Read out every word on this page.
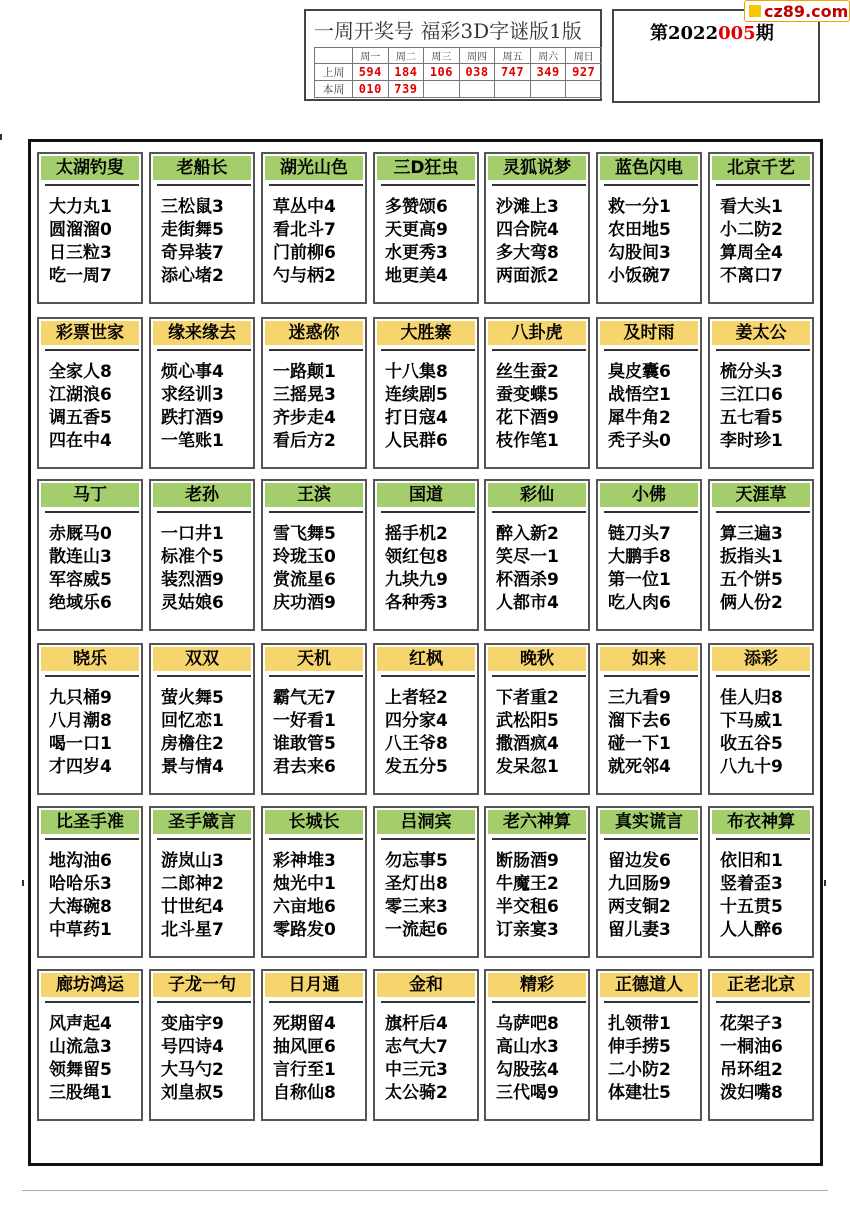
一周开奖号 福彩3D字谜版1版
	周一	周二	周三	周四	周五	周六	周日
上周	594	184	106	038	747	349	927
本周	010	739					
第2022005期
cz89.com
太湖钓叟
大力丸1
圆溜溜0
日三粒3
吃一周7
老船长
三松鼠3
走街舞5
奇异装7
添心堵2
湖光山色
草丛中4
看北斗7
门前柳6
勺与柄2
三D狂虫
多赞颂6
天更高9
水更秀3
地更美4
灵狐说梦
沙滩上3
四合院4
多大弯8
两面派2
蓝色闪电
救一分1
农田地5
勾股间3
小饭碗7
北京千艺
看大头1
小二防2
算周全4
不离口7
彩票世家
全家人8
江湖浪6
调五香5
四在中4
缘来缘去
烦心事4
求经训3
跌打酒9
一笔账1
迷惑你
一路颠1
三摇晃3
齐步走4
看后方2
大胜寨
十八集8
连续剧5
打日寇4
人民群6
八卦虎
丝生蚕2
蚕变蝶5
花下酒9
枝作笔1
及时雨
臭皮囊6
战悟空1
犀牛角2
秃子头0
姜太公
梳分头3
三江口6
五七看5
李时珍1
马丁
赤厩马0
散连山3
军容威5
绝域乐6
老孙
一口井1
标准个5
装烈酒9
灵姑娘6
王滨
雪飞舞5
玲珑玉0
赏流星6
庆功酒9
国道
摇手机2
领红包8
九块九9
各种秀3
彩仙
醉入新2
笑尽一1
杯酒杀9
人都市4
小佛
链刀头7
大鹏手8
第一位1
吃人肉6
天涯草
算三遍3
扳指头1
五个饼5
俩人份2
晓乐
九只桶9
八月潮8
喝一口1
才四岁4
双双
萤火舞5
回忆恋1
房檐住2
景与情4
天机
霸气无7
一好看1
谁敢管5
君去来6
红枫
上者轻2
四分家4
八王爷8
发五分5
晚秋
下者重2
武松阳5
撒酒疯4
发呆忽1
如来
三九看9
溜下去6
碰一下1
就死邻4
添彩
佳人归8
下马威1
收五谷5
八九十9
比圣手准
地沟油6
哈哈乐3
大海碗8
中草药1
圣手箴言
游岚山3
二郎神2
廿世纪4
北斗星7
长城长
彩神堆3
烛光中1
六亩地6
零路发0
吕洞宾
勿忘事5
圣灯出8
零三来3
一流起6
老六神算
断肠酒9
牛魔王2
半交租6
订亲宴3
真实谎言
留边发6
九回肠9
两支铜2
留儿妻3
布衣神算
依旧和1
竖着歪3
十五贯5
人人醉6
廊坊鸿运
风声起4
山流急3
领舞留5
三股绳1
子龙一句
变庙宇9
号四诗4
大马勺2
刘皇叔5
日月通
死期留4
抽风匣6
言行至1
自称仙8
金和
旗杆后4
志气大7
中三元3
太公骑2
精彩
乌萨吧8
高山水3
勾股弦4
三代喝9
正德道人
扎领带1
伸手捞5
二小防2
体建壮5
正老北京
花架子3
一桐油6
吊环组2
泼妇嘴8
